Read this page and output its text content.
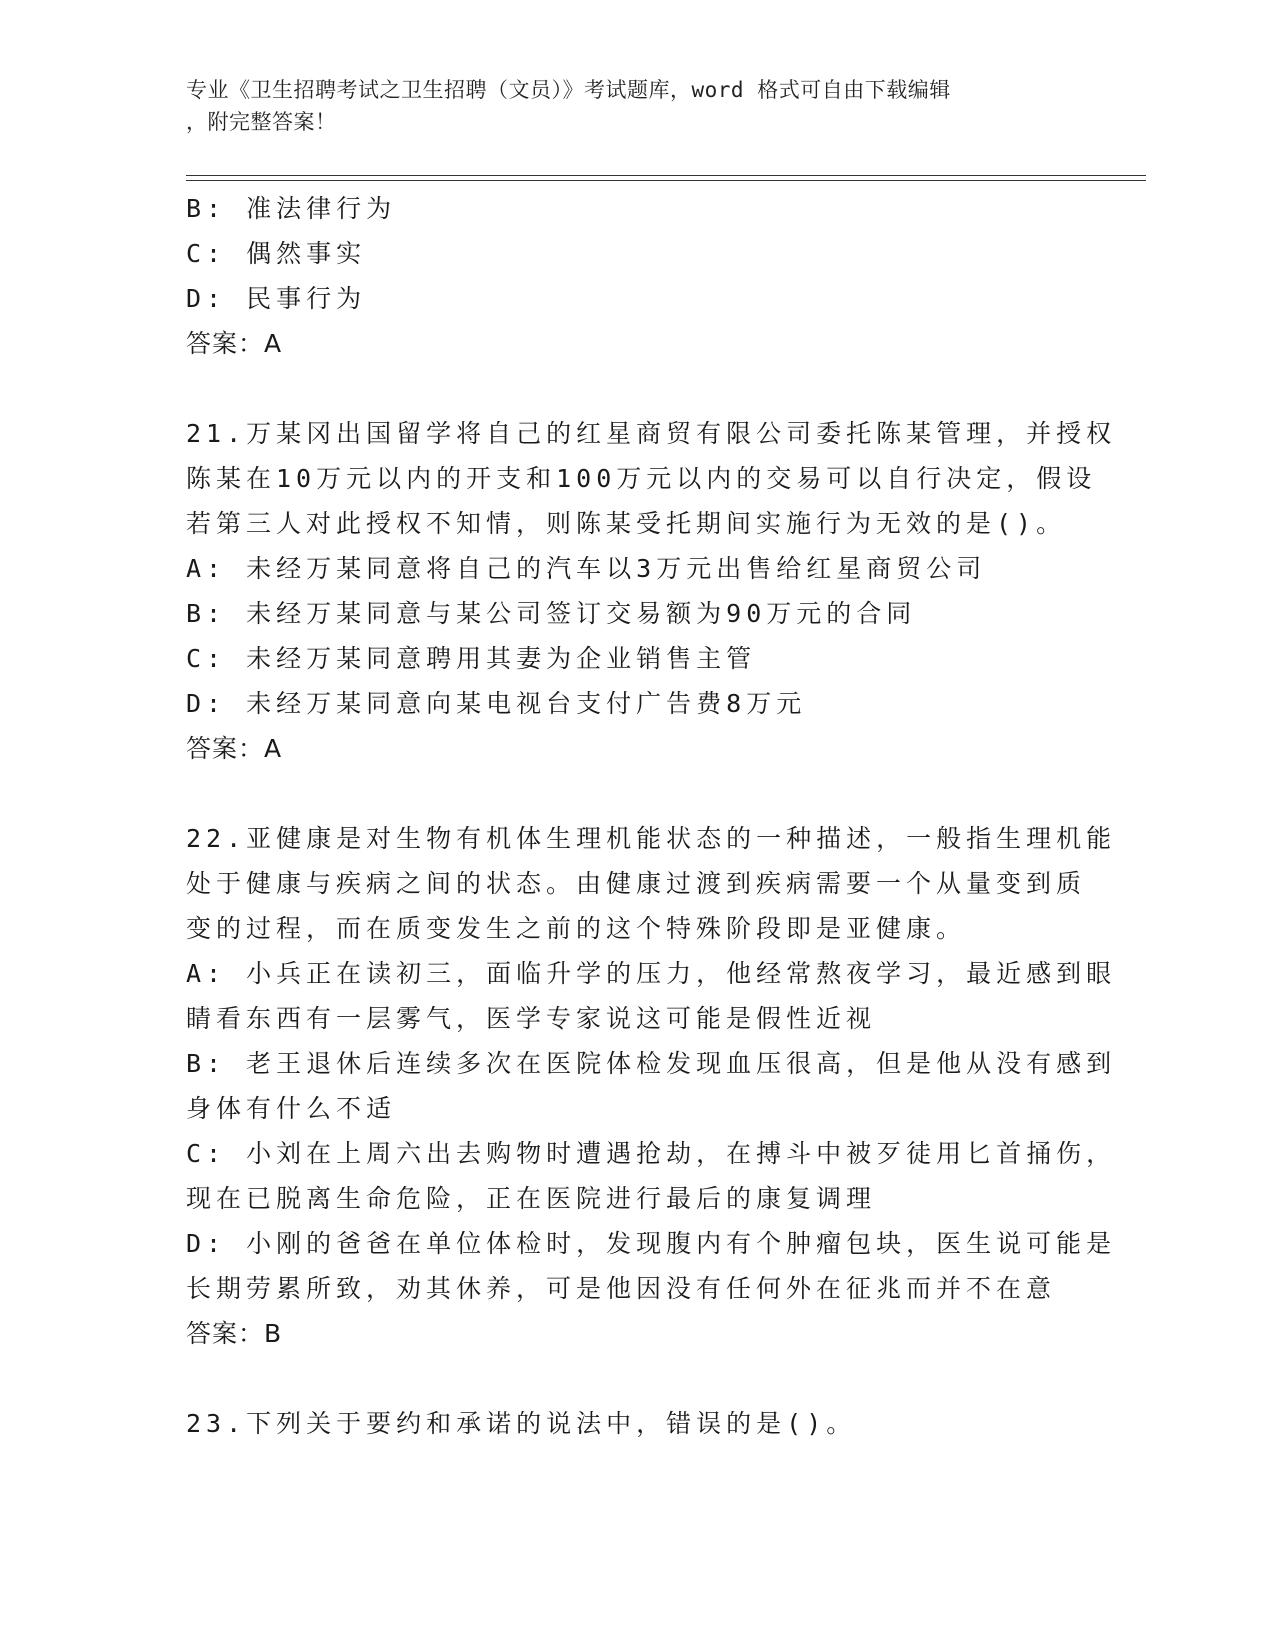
专业《卫生招聘考试之卫生招聘（文员）》考试题库，word 格式可自由下载编辑
，附完整答案！
B: 准法律行为
C: 偶然事实
D: 民事行为
答案：A
21.万某冈出国留学将自己的红星商贸有限公司委托陈某管理，并授权
陈某在10万元以内的开支和100万元以内的交易可以自行决定，假设
若第三人对此授权不知情，则陈某受托期间实施行为无效的是()。
A: 未经万某同意将自己的汽车以3万元出售给红星商贸公司
B: 未经万某同意与某公司签订交易额为90万元的合同
C: 未经万某同意聘用其妻为企业销售主管
D: 未经万某同意向某电视台支付广告费8万元
答案：A
22.亚健康是对生物有机体生理机能状态的一种描述，一般指生理机能
处于健康与疾病之间的状态。由健康过渡到疾病需要一个从量变到质
变的过程，而在质变发生之前的这个特殊阶段即是亚健康。
A: 小兵正在读初三，面临升学的压力，他经常熬夜学习，最近感到眼
睛看东西有一层雾气，医学专家说这可能是假性近视
B: 老王退休后连续多次在医院体检发现血压很高，但是他从没有感到
身体有什么不适
C: 小刘在上周六出去购物时遭遇抢劫，在搏斗中被歹徒用匕首捅伤，
现在已脱离生命危险，正在医院进行最后的康复调理
D: 小刚的爸爸在单位体检时，发现腹内有个肿瘤包块，医生说可能是
长期劳累所致，劝其休养，可是他因没有任何外在征兆而并不在意
答案：B
23.下列关于要约和承诺的说法中，错误的是()。
